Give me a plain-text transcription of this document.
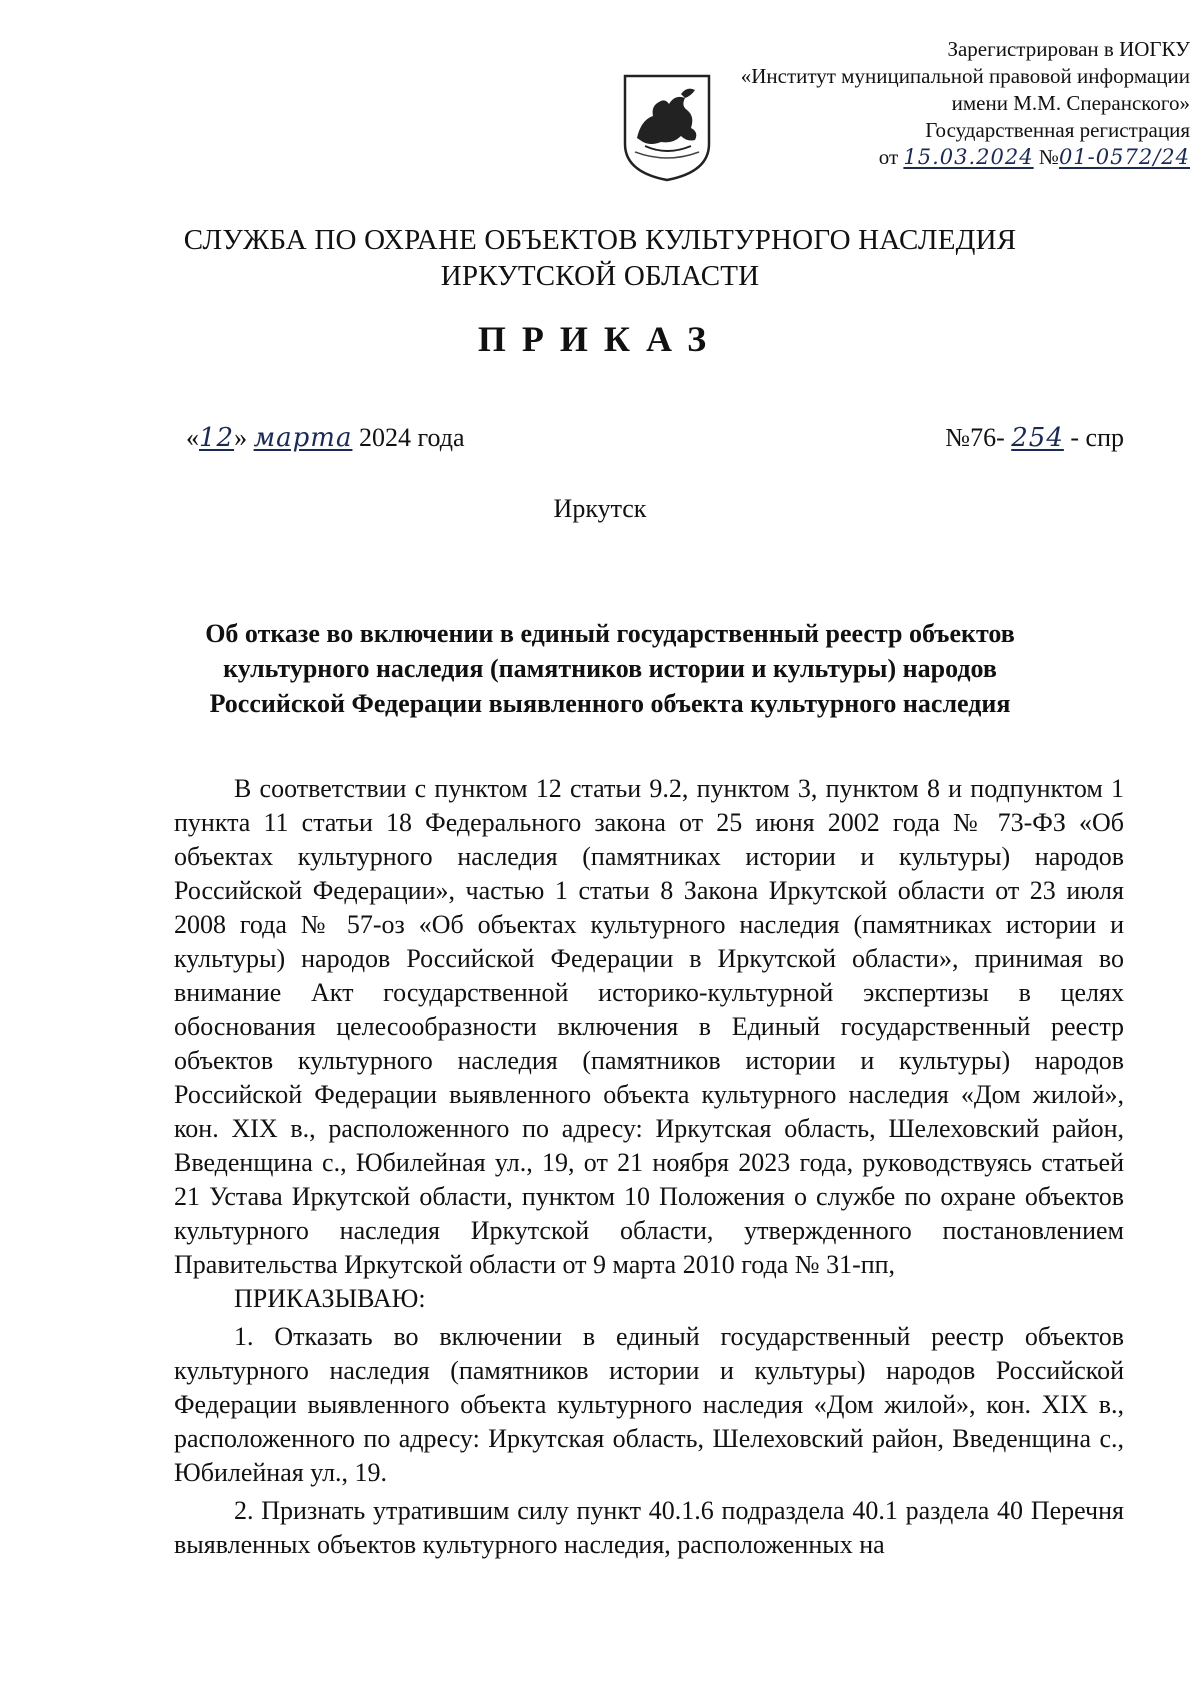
Зарегистрирован в ИОГКУ
«Институт муниципальной правовой информации
имени М.М. Сперанского»
Государственная регистрация
от 15.03.2024 №01-0572/24
СЛУЖБА ПО ОХРАНЕ ОБЪЕКТОВ КУЛЬТУРНОГО НАСЛЕДИЯ
ИРКУТСКОЙ ОБЛАСТИ
ПРИКАЗ
«12» марта 2024 года	№76- 254 - спр
Иркутск
Об отказе во включении в единый государственный реестр объектов
культурного наследия (памятников истории и культуры) народов
Российской Федерации выявленного объекта культурного наследия

В соответствии с пунктом 12 статьи 9.2, пунктом 3, пунктом 8 и подпунктом 1 пункта 11 статьи 18 Федерального закона от 25 июня 2002 года № 73-ФЗ «Об объектах культурного наследия (памятниках истории и культуры) народов Российской Федерации», частью 1 статьи 8 Закона Иркутской области от 23 июля 2008 года № 57-оз «Об объектах культурного наследия (памятниках истории и культуры) народов Российской Федерации в Иркутской области», принимая во внимание Акт государственной историко-культурной экспертизы в целях обоснования целесообразности включения в Единый государственный реестр объектов культурного наследия (памятников истории и культуры) народов Российской Федерации выявленного объекта культурного наследия «Дом жилой», кон. XIX в., расположенного по адресу: Иркутская область, Шелеховский район, Введенщина с., Юбилейная ул., 19, от 21 ноября 2023 года, руководствуясь статьей 21 Устава Иркутской области, пунктом 10 Положения о службе по охране объектов культурного наследия Иркутской области, утвержденного постановлением Правительства Иркутской области от 9 марта 2010 года № 31-пп,

ПРИКАЗЫВАЮ:

1. Отказать во включении в единый государственный реестр объектов культурного наследия (памятников истории и культуры) народов Российской Федерации выявленного объекта культурного наследия «Дом жилой», кон. XIX в., расположенного по адресу: Иркутская область, Шелеховский район, Введенщина с., Юбилейная ул., 19.

2. Признать утратившим силу пункт 40.1.6 подраздела 40.1 раздела 40 Перечня выявленных объектов культурного наследия, расположенных на
